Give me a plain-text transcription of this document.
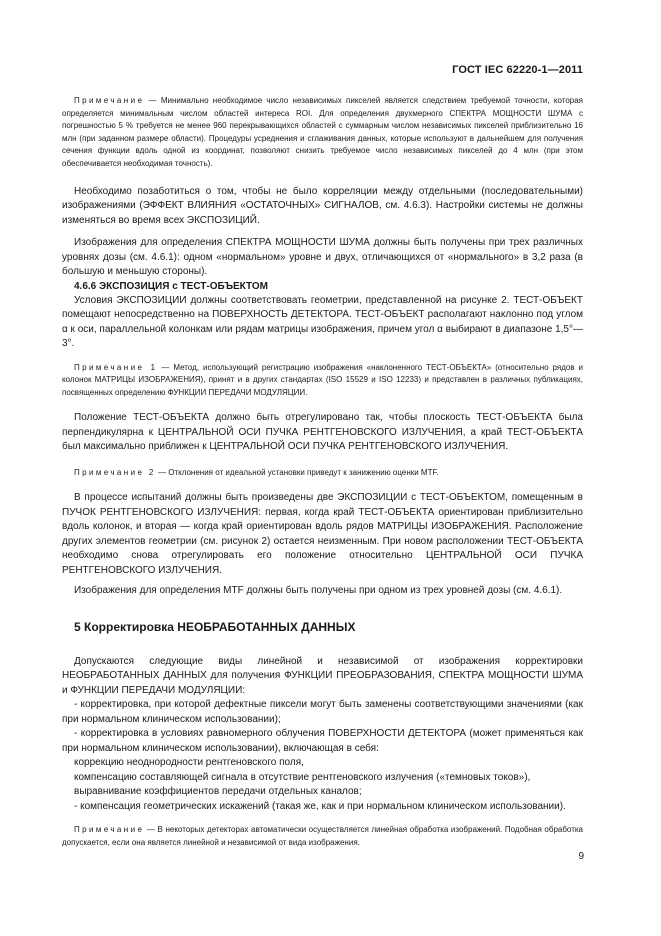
ГОСТ IEC 62220-1—2011

Примечание — Минимально необходимое число независимых пикселей является следствием требуемой точности, которая определяется минимальным числом областей интереса ROI. Для определения двухмерного СПЕКТРА МОЩНОСТИ ШУМА с погрешностью 5 % требуется не менее 960 перекрывающихся областей с суммарным числом независимых пикселей приблизительно 16 млн (при заданном размере области). Процедуры усреднения и сглаживания данных, которые используют в дальнейшем для получения сечения функции вдоль одной из координат, позволяют снизить требуемое число независимых пикселей до 4 млн (при этом обеспечивается необходимая точность).

Необходимо позаботиться о том, чтобы не было корреляции между отдельными (последовательными) изображениями (ЭФФЕКТ ВЛИЯНИЯ «ОСТАТОЧНЫХ» СИГНАЛОВ, см. 4.6.3). Настройки системы не должны изменяться во время всех ЭКСПОЗИЦИЙ.

Изображения для определения СПЕКТРА МОЩНОСТИ ШУМА должны быть получены при трех различных уровнях дозы (см. 4.6.1): одном «нормальном» уровне и двух, отличающихся от «нормального» в 3,2 раза (в большую и меньшую стороны).

4.6.6 ЭКСПОЗИЦИЯ с ТЕСТ-ОБЪЕКТОМ

Условия ЭКСПОЗИЦИИ должны соответствовать геометрии, представленной на рисунке 2. ТЕСТ-ОБЪЕКТ помещают непосредственно на ПОВЕРХНОСТЬ ДЕТЕКТОРА. ТЕСТ-ОБЪЕКТ располагают наклонно под углом α к оси, параллельной колонкам или рядам матрицы изображения, причем угол α выбирают в диапазоне 1,5°—3°.

Примечание 1 — Метод, использующий регистрацию изображения «наклоненного ТЕСТ-ОБЪЕКТА» (относительно рядов и колонок МАТРИЦЫ ИЗОБРАЖЕНИЯ), принят и в других стандартах (ISO 15529 и ISO 12233) и представлен в различных публикациях, посвященных определению ФУНКЦИИ ПЕРЕДАЧИ МОДУЛЯЦИИ.

Положение ТЕСТ-ОБЪЕКТА должно быть отрегулировано так, чтобы плоскость ТЕСТ-ОБЪЕКТА была перпендикулярна к ЦЕНТРАЛЬНОЙ ОСИ ПУЧКА РЕНТГЕНОВСКОГО ИЗЛУЧЕНИЯ, а край ТЕСТ-ОБЪЕКТА был максимально приближен к ЦЕНТРАЛЬНОЙ ОСИ ПУЧКА РЕНТГЕНОВСКОГО ИЗЛУЧЕНИЯ.

Примечание 2 — Отклонения от идеальной установки приведут к занижению оценки MTF.

В процессе испытаний должны быть произведены две ЭКСПОЗИЦИИ с ТЕСТ-ОБЪЕКТОМ, помещенным в ПУЧОК РЕНТГЕНОВСКОГО ИЗЛУЧЕНИЯ: первая, когда край ТЕСТ-ОБЪЕКТА ориентирован приблизительно вдоль колонок, и вторая — когда край ориентирован вдоль рядов МАТРИЦЫ ИЗОБРАЖЕНИЯ. Расположение других элементов геометрии (см. рисунок 2) остается неизменным. При новом расположении ТЕСТ-ОБЪЕКТА необходимо снова отрегулировать его положение относительно ЦЕНТРАЛЬНОЙ ОСИ ПУЧКА РЕНТГЕНОВСКОГО ИЗЛУЧЕНИЯ.

Изображения для определения MTF должны быть получены при одном из трех уровней дозы (см. 4.6.1).

5 Корректировка НЕОБРАБОТАННЫХ ДАННЫХ

Допускаются следующие виды линейной и независимой от изображения корректировки НЕОБРАБОТАННЫХ ДАННЫХ для получения ФУНКЦИИ ПРЕОБРАЗОВАНИЯ, СПЕКТРА МОЩНОСТИ ШУМА и ФУНКЦИИ ПЕРЕДАЧИ МОДУЛЯЦИИ:

- корректировка, при которой дефектные пиксели могут быть заменены соответствующими значениями (как при нормальном клиническом использовании);

- корректировка в условиях равномерного облучения ПОВЕРХНОСТИ ДЕТЕКТОРА (может применяться как при нормальном клиническом использовании), включающая в себя:

коррекцию неоднородности рентгеновского поля,

компенсацию составляющей сигнала в отсутствие рентгеновского излучения («темновых токов»),

выравнивание коэффициентов передачи отдельных каналов;

- компенсация геометрических искажений (такая же, как и при нормальном клиническом использовании).

Примечание — В некоторых детекторах автоматически осуществляется линейная обработка изображений. Подобная обработка допускается, если она является линейной и независимой от вида изображения.

9
